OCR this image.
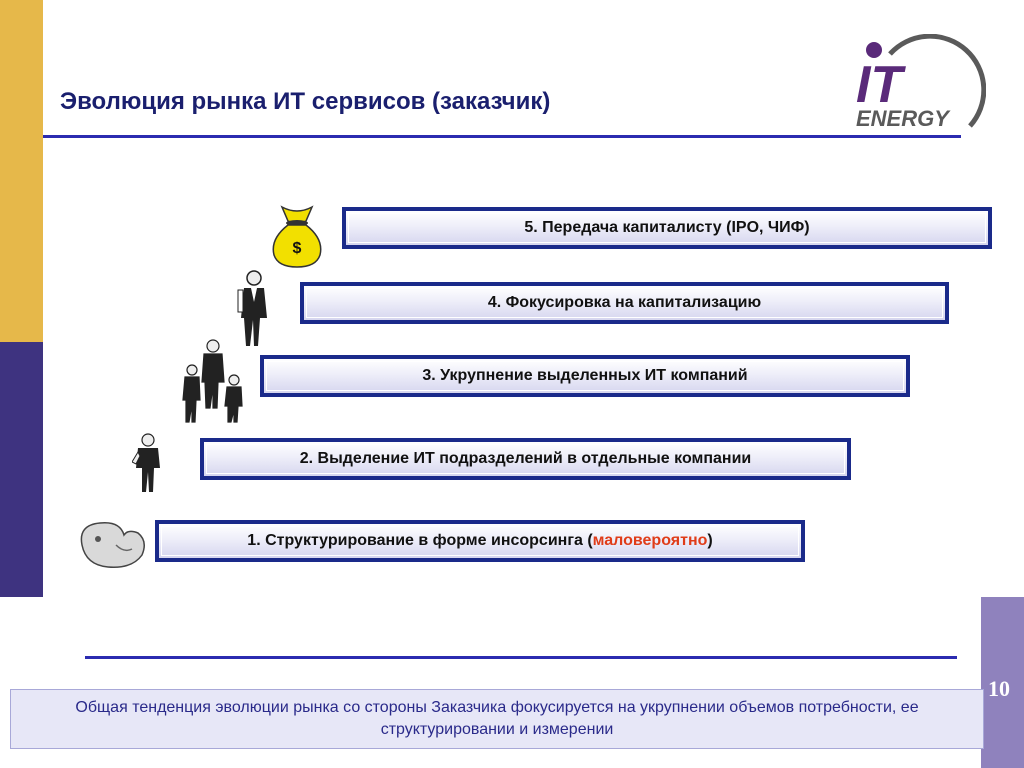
Эволюция рынка ИТ сервисов (заказчик)	IT
ENERGY
$
5. Передача капиталисту (IPO, ЧИФ)
4. Фокусировка на капитализацию
3. Укрупнение выделенных ИТ компаний
2. Выделение ИТ подразделений в отдельные компании
1. Структурирование в форме инсорсинга (маловероятно)
10
Общая тенденция эволюции рынка со стороны Заказчика фокусируется на укрупнении объемов потребности, ее структурировании и измерении
